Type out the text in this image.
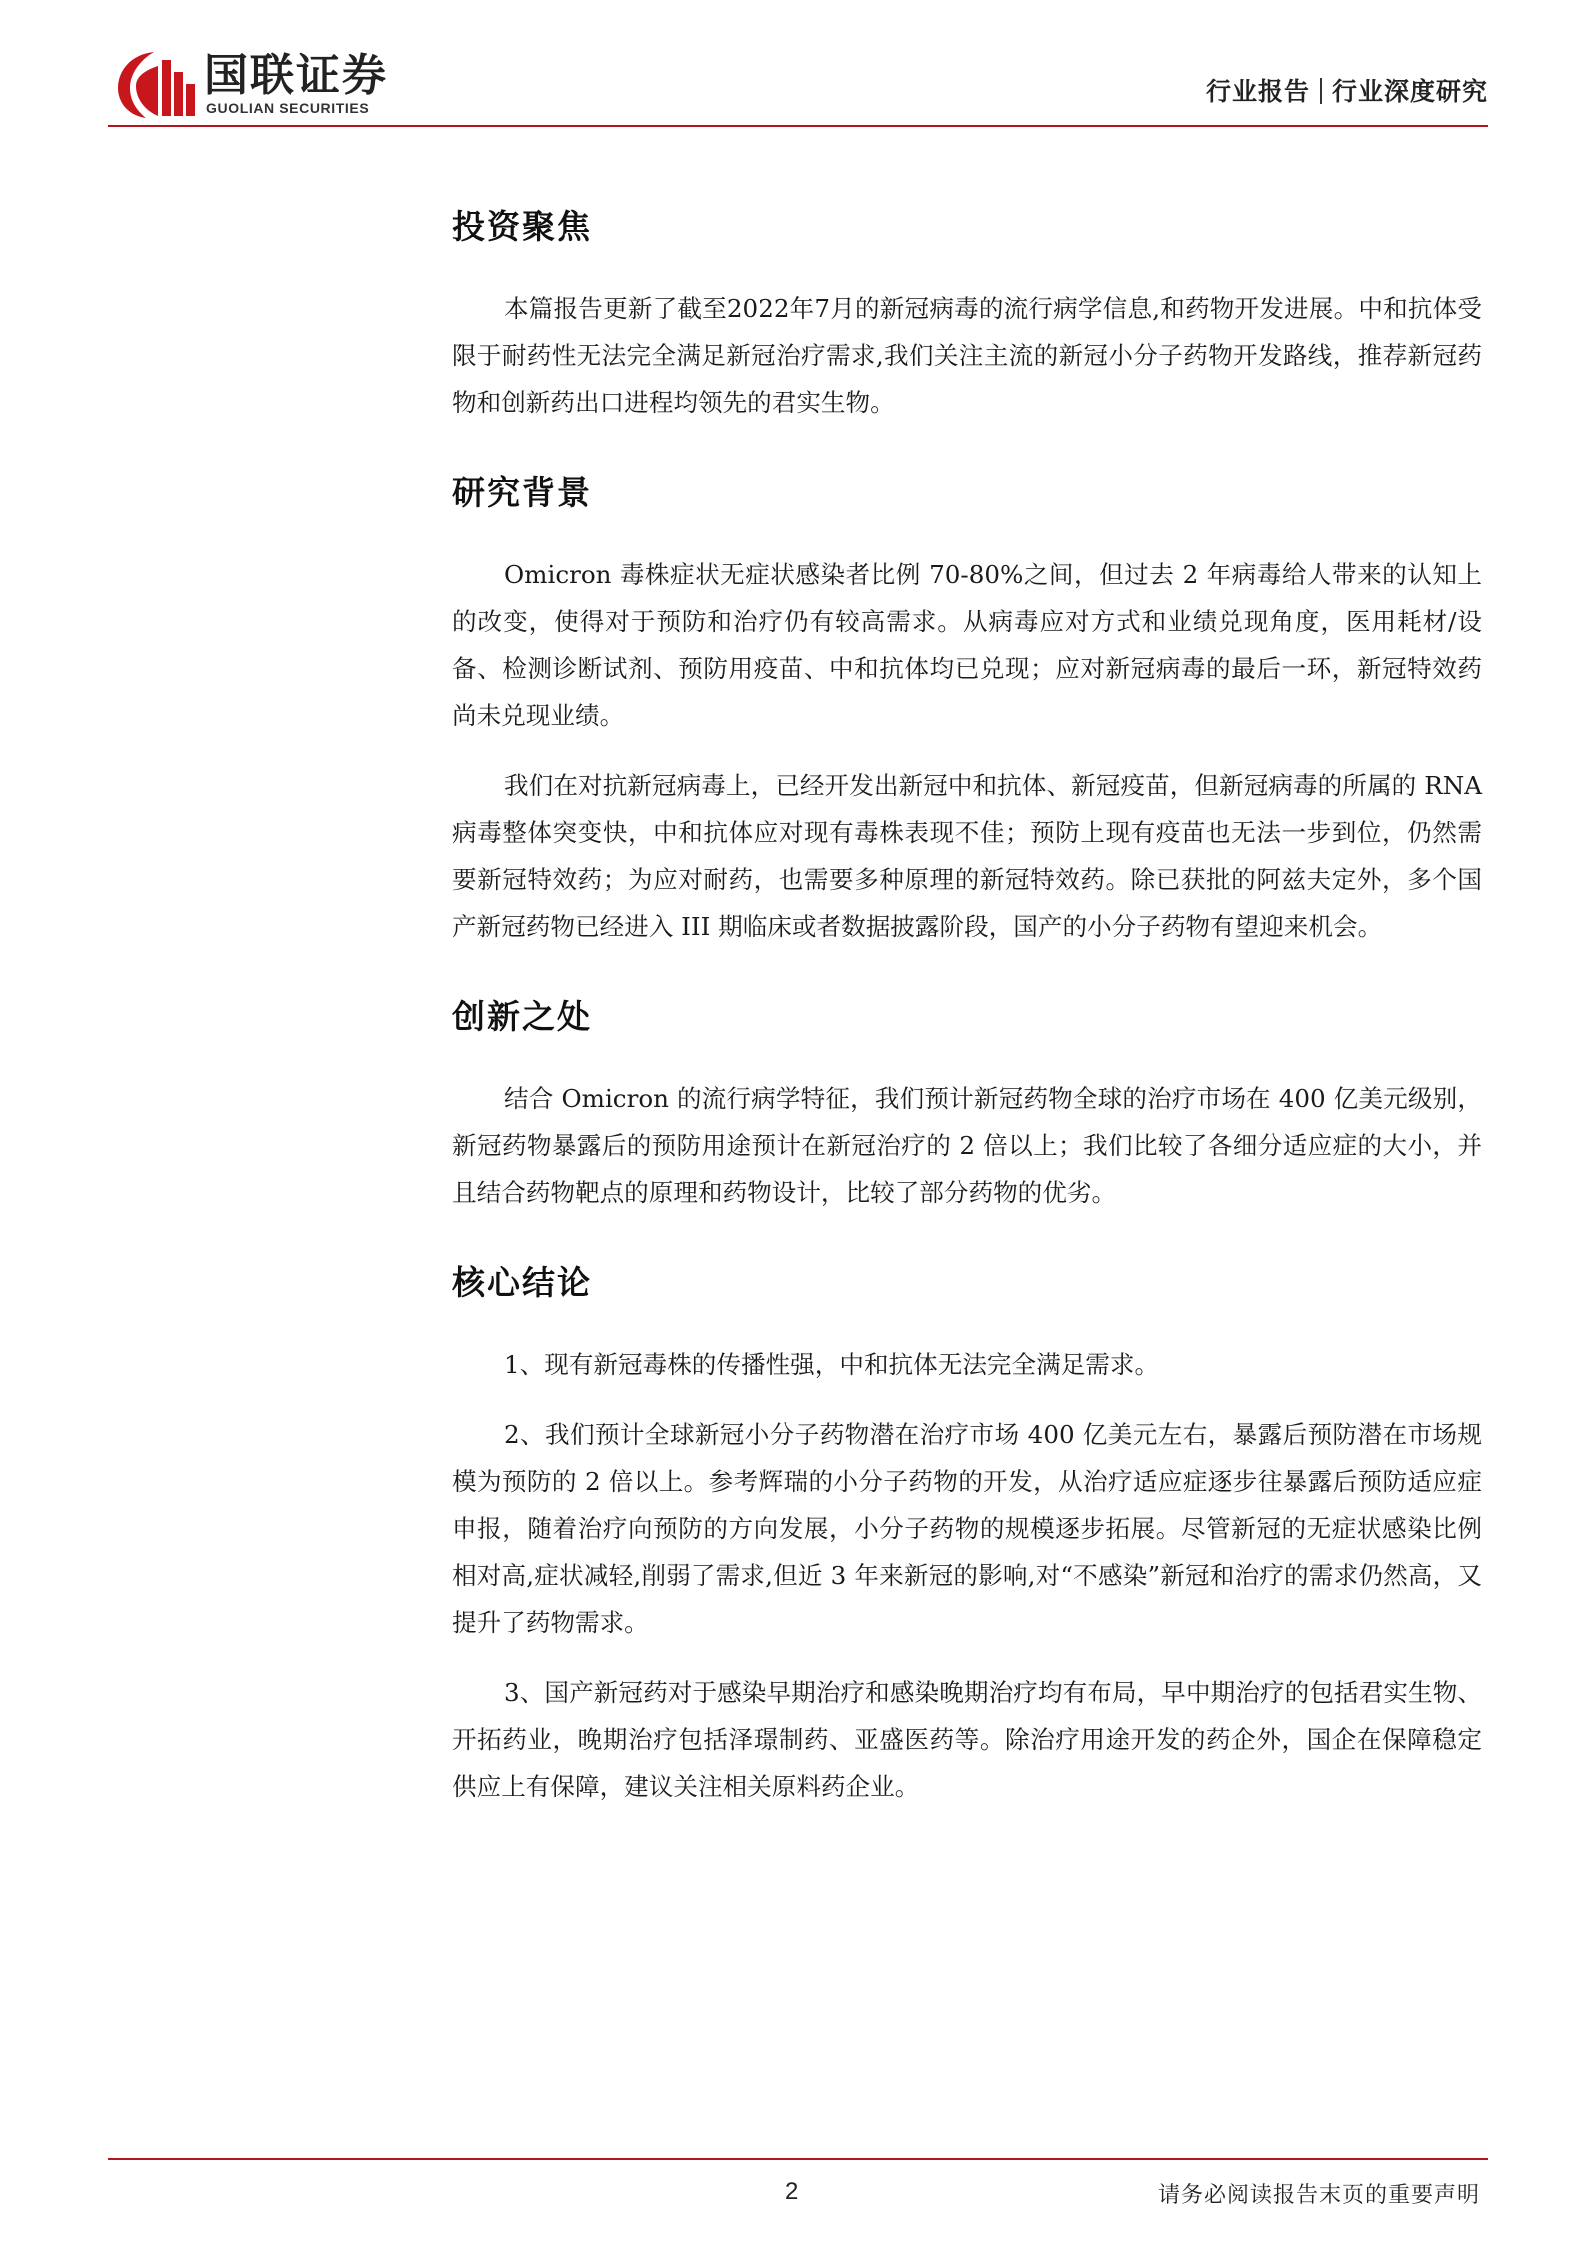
国联证券
GUOLIAN SECURITIES
行业报告 行业深度研究
投资聚焦

本篇报告更新了截至2022年7月的新冠病毒的流行病学信息,和药物开发进展。中和抗体受限于耐药性无法完全满足新冠治疗需求,我们关注主流的新冠小分子药物开发路线，推荐新冠药物和创新药出口进程均领先的君实生物。

研究背景

Omicron 毒株症状无症状感染者比例 70-80%之间，但过去 2 年病毒给人带来的认知上的改变，使得对于预防和治疗仍有较高需求。从病毒应对方式和业绩兑现角度，医用耗材/设备、检测诊断试剂、预防用疫苗、中和抗体均已兑现；应对新冠病毒的最后一环，新冠特效药尚未兑现业绩。

我们在对抗新冠病毒上，已经开发出新冠中和抗体、新冠疫苗，但新冠病毒的所属的 RNA 病毒整体突变快，中和抗体应对现有毒株表现不佳；预防上现有疫苗也无法一步到位，仍然需要新冠特效药；为应对耐药，也需要多种原理的新冠特效药。除已获批的阿兹夫定外，多个国产新冠药物已经进入 III 期临床或者数据披露阶段，国产的小分子药物有望迎来机会。

创新之处

结合 Omicron 的流行病学特征，我们预计新冠药物全球的治疗市场在 400 亿美元级别，新冠药物暴露后的预防用途预计在新冠治疗的 2 倍以上；我们比较了各细分适应症的大小，并且结合药物靶点的原理和药物设计，比较了部分药物的优劣。

核心结论

1、现有新冠毒株的传播性强，中和抗体无法完全满足需求。

2、我们预计全球新冠小分子药物潜在治疗市场 400 亿美元左右，暴露后预防潜在市场规模为预防的 2 倍以上。参考辉瑞的小分子药物的开发，从治疗适应症逐步往暴露后预防适应症申报，随着治疗向预防的方向发展，小分子药物的规模逐步拓展。尽管新冠的无症状感染比例相对高,症状减轻,削弱了需求,但近 3 年来新冠的影响,对“不感染”新冠和治疗的需求仍然高，又提升了药物需求。

3、国产新冠药对于感染早期治疗和感染晚期治疗均有布局，早中期治疗的包括君实生物、开拓药业，晚期治疗包括泽璟制药、亚盛医药等。除治疗用途开发的药企外，国企在保障稳定供应上有保障，建议关注相关原料药企业。

2	请务必阅读报告末页的重要声明
